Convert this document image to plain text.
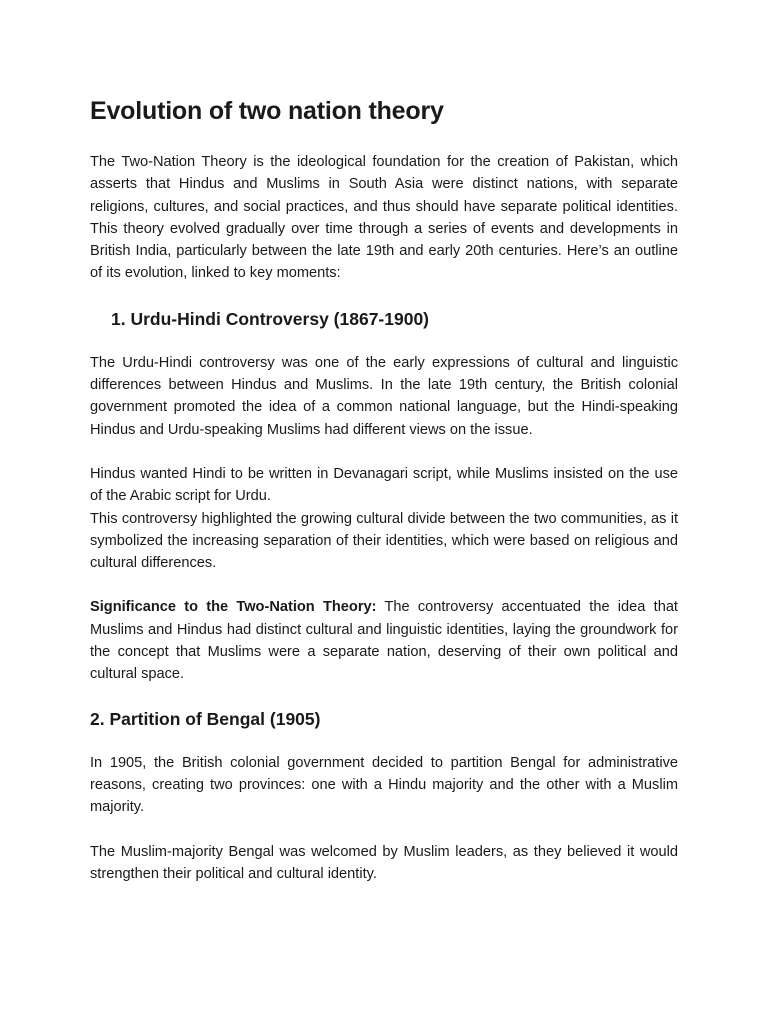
Evolution of two nation theory

The Two-Nation Theory is the ideological foundation for the creation of Pakistan, which asserts that Hindus and Muslims in South Asia were distinct nations, with separate religions, cultures, and social practices, and thus should have separate political identities. This theory evolved gradually over time through a series of events and developments in British India, particularly between the late 19th and early 20th centuries. Here’s an outline of its evolution, linked to key moments:

1. Urdu-Hindi Controversy (1867-1900)

The Urdu-Hindi controversy was one of the early expressions of cultural and linguistic differences between Hindus and Muslims. In the late 19th century, the British colonial government promoted the idea of a common national language, but the Hindi-speaking Hindus and Urdu-speaking Muslims had different views on the issue.

Hindus wanted Hindi to be written in Devanagari script, while Muslims insisted on the use of the Arabic script for Urdu.

This controversy highlighted the growing cultural divide between the two communities, as it symbolized the increasing separation of their identities, which were based on religious and cultural differences.

Significance to the Two-Nation Theory: The controversy accentuated the idea that Muslims and Hindus had distinct cultural and linguistic identities, laying the groundwork for the concept that Muslims were a separate nation, deserving of their own political and cultural space.

2. Partition of Bengal (1905)

In 1905, the British colonial government decided to partition Bengal for administrative reasons, creating two provinces: one with a Hindu majority and the other with a Muslim majority.

The Muslim-majority Bengal was welcomed by Muslim leaders, as they believed it would strengthen their political and cultural identity.
